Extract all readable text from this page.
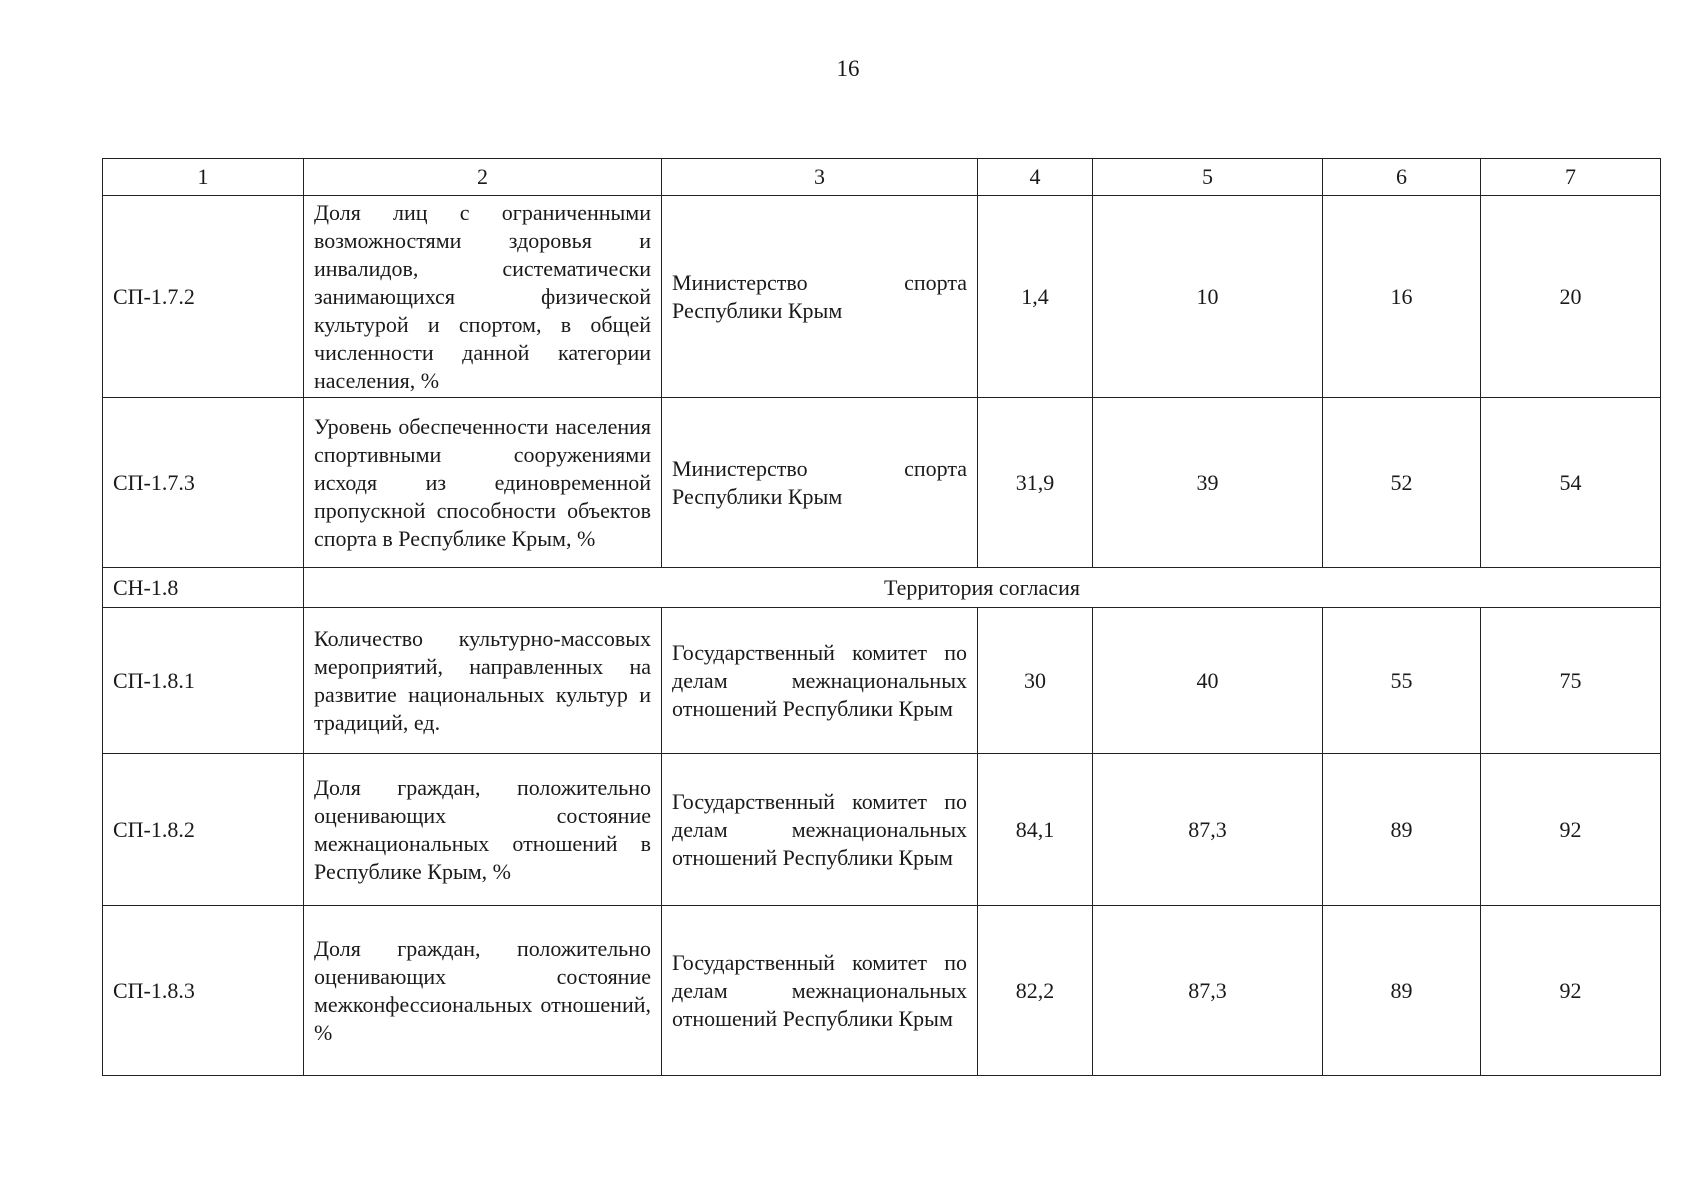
16
1	2	3	4	5	6	7
СП-1.7.2	Доля лиц с ограниченными возможностями здоровья и инвалидов, систематически занимающихся физической культурой и спортом, в общей численности данной категории населения, %	Министерство спорта Республики Крым	1,4	10	16	20
СП-1.7.3	Уровень обеспеченности населения спортивными сооружениями исходя из единовременной пропускной способности объектов спорта в Республике Крым, %	Министерство спорта Республики Крым	31,9	39	52	54
СН-1.8	Территория согласия					
СП-1.8.1	Количество культурно-массовых мероприятий, направленных на развитие национальных культур и традиций, ед.	Государственный комитет по делам межнациональных отношений Республики Крым	30	40	55	75
СП-1.8.2	Доля граждан, положительно оценивающих состояние межнациональных отношений в Республике Крым, %	Государственный комитет по делам межнациональных отношений Республики Крым	84,1	87,3	89	92
СП-1.8.3	Доля граждан, положительно оценивающих состояние межконфессиональных отношений, %	Государственный комитет по делам межнациональных отношений Республики Крым	82,2	87,3	89	92
